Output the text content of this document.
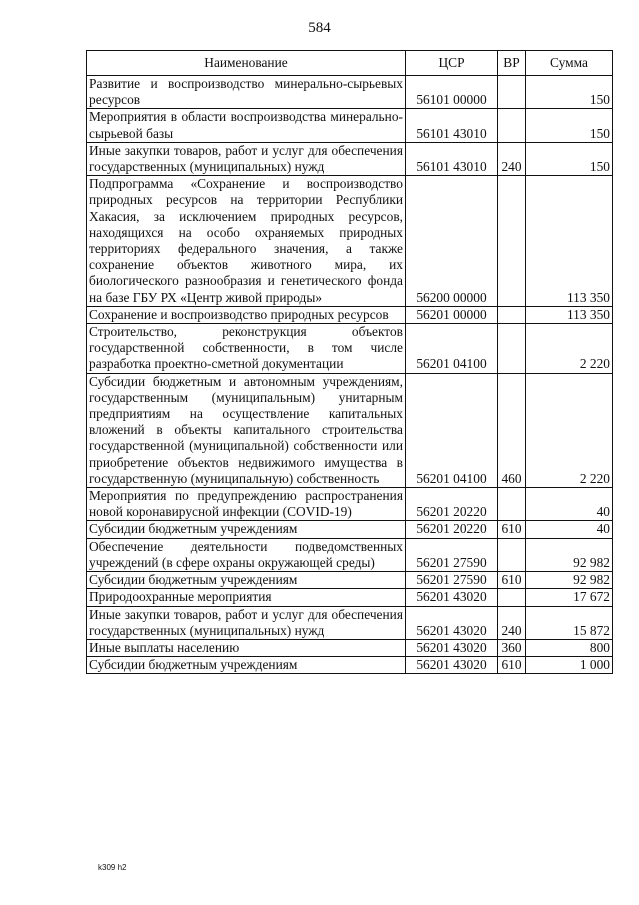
584
Наименование	ЦСР	ВР	Сумма
Развитие и воспроизводство минерально-сырьевых ресурсов	56101 00000		150
Мероприятия в области воспроизводства минерально-сырьевой базы	56101 43010		150
Иные закупки товаров, работ и услуг для обеспечения государственных (муниципальных) нужд	56101 43010	240	150
Подпрограмма «Сохранение и воспроизводство природных ресурсов на территории Республики Хакасия, за исключением природных ресурсов, находящихся на особо охраняемых природных территориях федерального значения, а также сохранение объектов животного мира, их биологического разнообразия и генетического фонда на базе ГБУ РХ «Центр живой природы»	56200 00000		113 350
Сохранение и воспроизводство природных ресурсов	56201 00000		113 350
Строительство, реконструкция объектов государственной собственности, в том числе разработка проектно-сметной документации	56201 04100		2 220
Субсидии бюджетным и автономным учреждениям, государственным (муниципальным) унитарным предприятиям на осуществление капитальных вложений в объекты капитального строительства государственной (муниципальной) собственности или приобретение объектов недвижимого имущества в государственную (муниципальную) собственность	56201 04100	460	2 220
Мероприятия по предупреждению распространения новой коронавирусной инфекции (COVID-19)	56201 20220		40
Субсидии бюджетным учреждениям	56201 20220	610	40
Обеспечение деятельности подведомственных учреждений (в сфере охраны окружающей среды)	56201 27590		92 982
Субсидии бюджетным учреждениям	56201 27590	610	92 982
Природоохранные мероприятия	56201 43020		17 672
Иные закупки товаров, работ и услуг для обеспечения государственных (муниципальных) нужд	56201 43020	240	15 872
Иные выплаты населению	56201 43020	360	800
Субсидии бюджетным учреждениям	56201 43020	610	1 000
k309 h2
